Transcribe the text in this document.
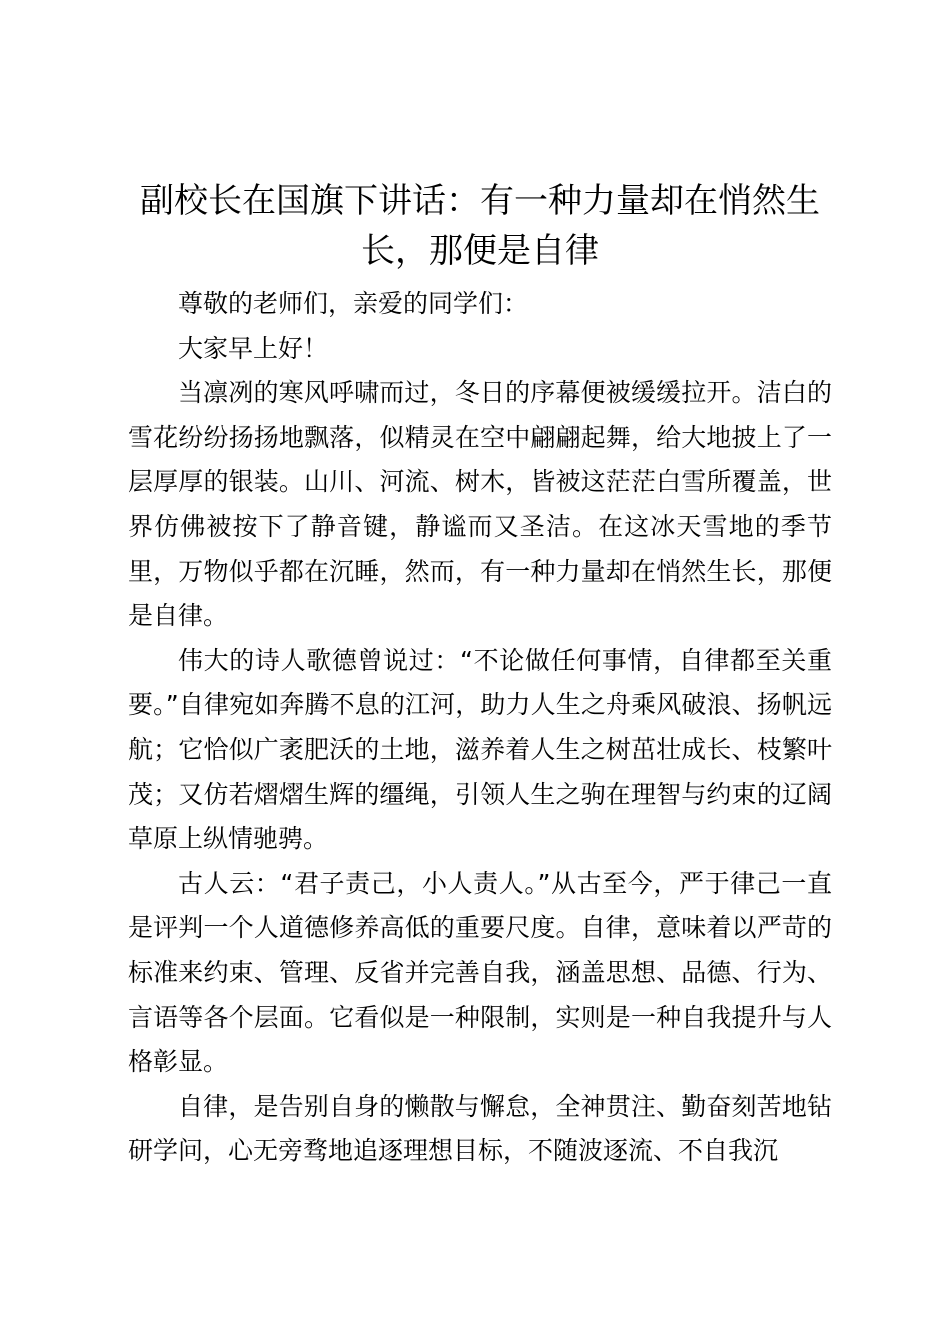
副校长在国旗下讲话：有一种力量却在悄然生长，那便是自律

尊敬的老师们，亲爱的同学们：

大家早上好！

当凛冽的寒风呼啸而过，冬日的序幕便被缓缓拉开。洁白的雪花纷纷扬扬地飘落，似精灵在空中翩翩起舞，给大地披上了一层厚厚的银装。山川、河流、树木，皆被这茫茫白雪所覆盖，世界仿佛被按下了静音键，静谧而又圣洁。在这冰天雪地的季节里，万物似乎都在沉睡，然而，有一种力量却在悄然生长，那便是自律。

伟大的诗人歌德曾说过：“不论做任何事情，自律都至关重要。”自律宛如奔腾不息的江河，助力人生之舟乘风破浪、扬帆远航；它恰似广袤肥沃的土地，滋养着人生之树茁壮成长、枝繁叶茂；又仿若熠熠生辉的缰绳，引领人生之驹在理智与约束的辽阔草原上纵情驰骋。

古人云：“君子责己，小人责人。”从古至今，严于律己一直是评判一个人道德修养高低的重要尺度。自律，意味着以严苛的标准来约束、管理、反省并完善自我，涵盖思想、品德、行为、言语等各个层面。它看似是一种限制，实则是一种自我提升与人格彰显。

自律，是告别自身的懒散与懈怠，全神贯注、勤奋刻苦地钻研学问，心无旁骛地追逐理想目标，不随波逐流、不自我沉
